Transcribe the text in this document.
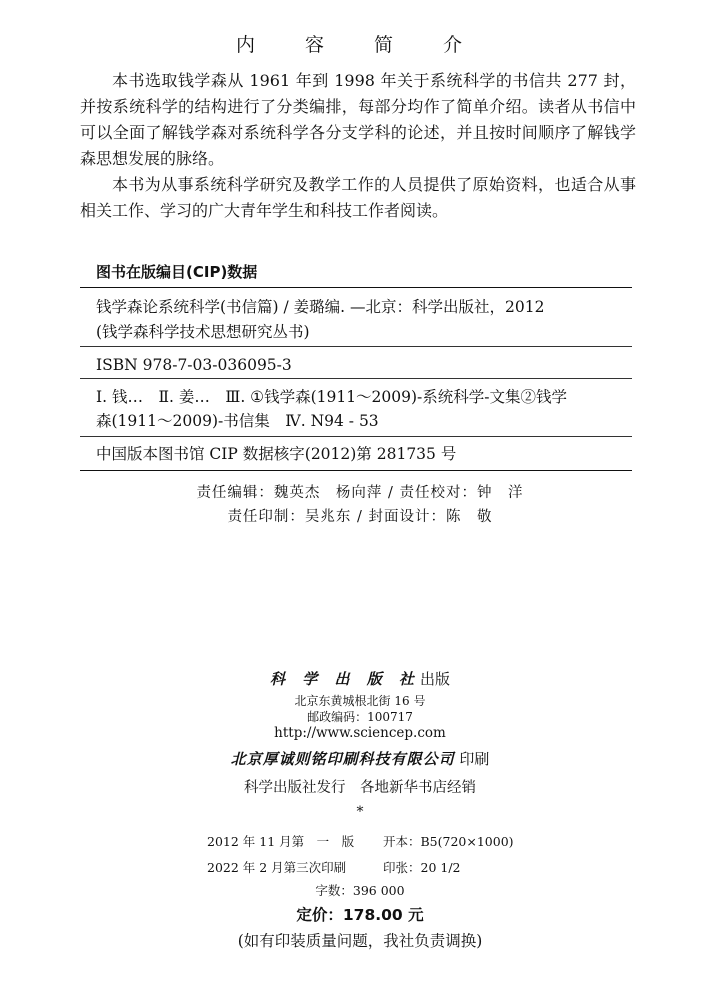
内 容 简 介

本书选取钱学森从 1961 年到 1998 年关于系统科学的书信共 277 封，并按系统科学的结构进行了分类编排，每部分均作了简单介绍。读者从书信中可以全面了解钱学森对系统科学各分支学科的论述，并且按时间顺序了解钱学森思想发展的脉络。

本书为从事系统科学研究及教学工作的人员提供了原始资料，也适合从事相关工作、学习的广大青年学生和科技工作者阅读。

图书在版编目(CIP)数据
钱学森论系统科学(书信篇) / 姜璐编. —北京：科学出版社，2012
(钱学森科学技术思想研究丛书)
ISBN 978-7-03-036095-3
Ⅰ. 钱…　Ⅱ. 姜…　Ⅲ. ①钱学森(1911～2009)-系统科学-文集②钱学
森(1911～2009)-书信集　Ⅳ. N94 - 53
中国版本图书馆 CIP 数据核字(2012)第 281735 号
责任编辑：魏英杰　杨向萍 / 责任校对：钟　洋
责任印制：吴兆东 / 封面设计：陈　敬
科 学 出 版 社出版
北京东黄城根北街 16 号
邮政编码：100717
http://www.sciencep.com
北京厚诚则铭印刷科技有限公司 印刷
科学出版社发行　各地新华书店经销
*
2012 年 11 月第　一　版 开本：B5(720×1000)
2022 年 2 月第三次印刷	印张：20 1/2
字数：396 000
定价：178.00 元
(如有印装质量问题，我社负责调换)
